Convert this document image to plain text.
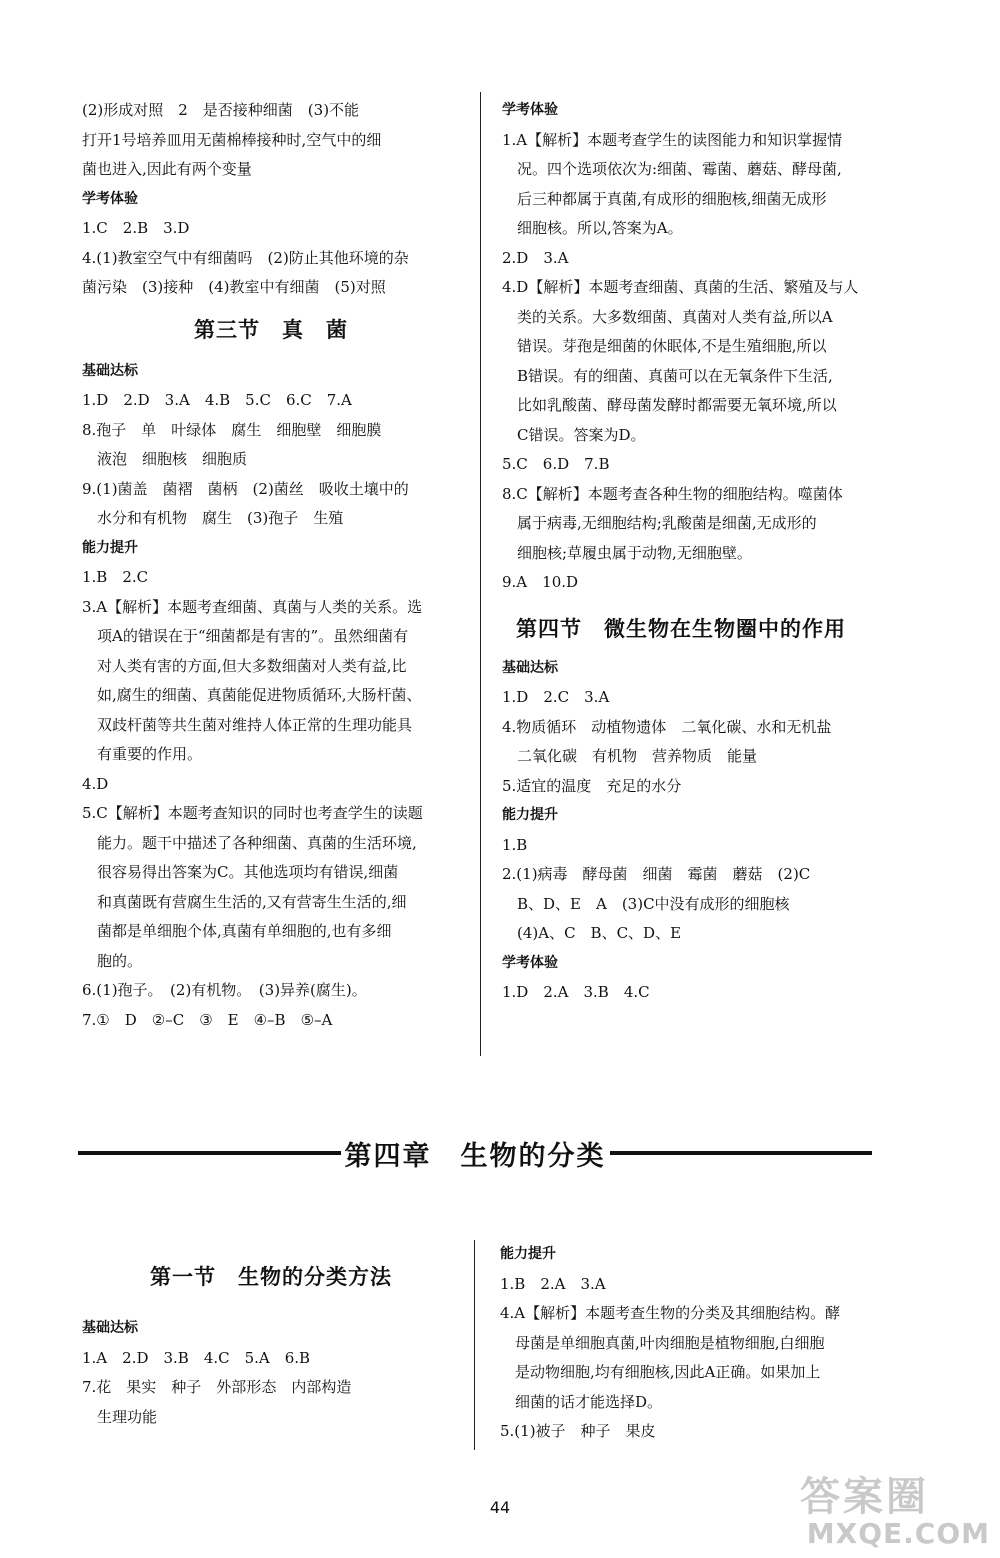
(2)形成对照　2　是否接种细菌　(3)不能
打开1号培养皿用无菌棉棒接种时,空气中的细
菌也进入,因此有两个变量
学考体验
1.C　2.B　3.D
4.(1)教室空气中有细菌吗　(2)防止其他环境的杂
菌污染　(3)接种　(4)教室中有细菌　(5)对照
第三节　真　菌
基础达标
1.D　2.D　3.A　4.B　5.C　6.C　7.A
8.孢子　单　叶绿体　腐生　细胞壁　细胞膜
　液泡　细胞核　细胞质
9.(1)菌盖　菌褶　菌柄　(2)菌丝　吸收土壤中的
　水分和有机物　腐生　(3)孢子　生殖
能力提升
1.B　2.C
3.A【解析】本题考查细菌、真菌与人类的关系。选
　项A的错误在于“细菌都是有害的”。虽然细菌有
　对人类有害的方面,但大多数细菌对人类有益,比
　如,腐生的细菌、真菌能促进物质循环,大肠杆菌、
　双歧杆菌等共生菌对维持人体正常的生理功能具
　有重要的作用。
4.D
5.C【解析】本题考查知识的同时也考查学生的读题
　能力。题干中描述了各种细菌、真菌的生活环境,
　很容易得出答案为C。其他选项均有错误,细菌
　和真菌既有营腐生生活的,又有营寄生生活的,细
　菌都是单细胞个体,真菌有单细胞的,也有多细
　胞的。
6.(1)孢子。　(2)有机物。　(3)异养(腐生)。
7.①　D　②–C　③　E　④–B　⑤–A
学考体验
1.A【解析】本题考查学生的读图能力和知识掌握情
　况。四个选项依次为:细菌、霉菌、蘑菇、酵母菌,
　后三种都属于真菌,有成形的细胞核,细菌无成形
　细胞核。所以,答案为A。
2.D　3.A
4.D【解析】本题考查细菌、真菌的生活、繁殖及与人
　类的关系。大多数细菌、真菌对人类有益,所以A
　错误。芽孢是细菌的休眠体,不是生殖细胞,所以
　B错误。有的细菌、真菌可以在无氧条件下生活,
　比如乳酸菌、酵母菌发酵时都需要无氧环境,所以
　C错误。答案为D。
5.C　6.D　7.B
8.C【解析】本题考查各种生物的细胞结构。噬菌体
　属于病毒,无细胞结构;乳酸菌是细菌,无成形的
　细胞核;草履虫属于动物,无细胞壁。
9.A　10.D
第四节　微生物在生物圈中的作用
基础达标
1.D　2.C　3.A
4.物质循环　动植物遗体　二氧化碳、水和无机盐
　二氧化碳　有机物　营养物质　能量
5.适宜的温度　充足的水分
能力提升
1.B
2.(1)病毒　酵母菌　细菌　霉菌　蘑菇　(2)C
　B、D、E　A　(3)C中没有成形的细胞核
　(4)A、C　B、C、D、E
学考体验
1.D　2.A　3.B　4.C
第四章　生物的分类
第一节　生物的分类方法
基础达标
1.A　2.D　3.B　4.C　5.A　6.B
7.花　果实　种子　外部形态　内部构造
　生理功能
能力提升
1.B　2.A　3.A
4.A【解析】本题考查生物的分类及其细胞结构。酵
　母菌是单细胞真菌,叶肉细胞是植物细胞,白细胞
　是动物细胞,均有细胞核,因此A正确。如果加上
　细菌的话才能选择D。
5.(1)被子　种子　果皮
44	答案圈
MXQE.COM
